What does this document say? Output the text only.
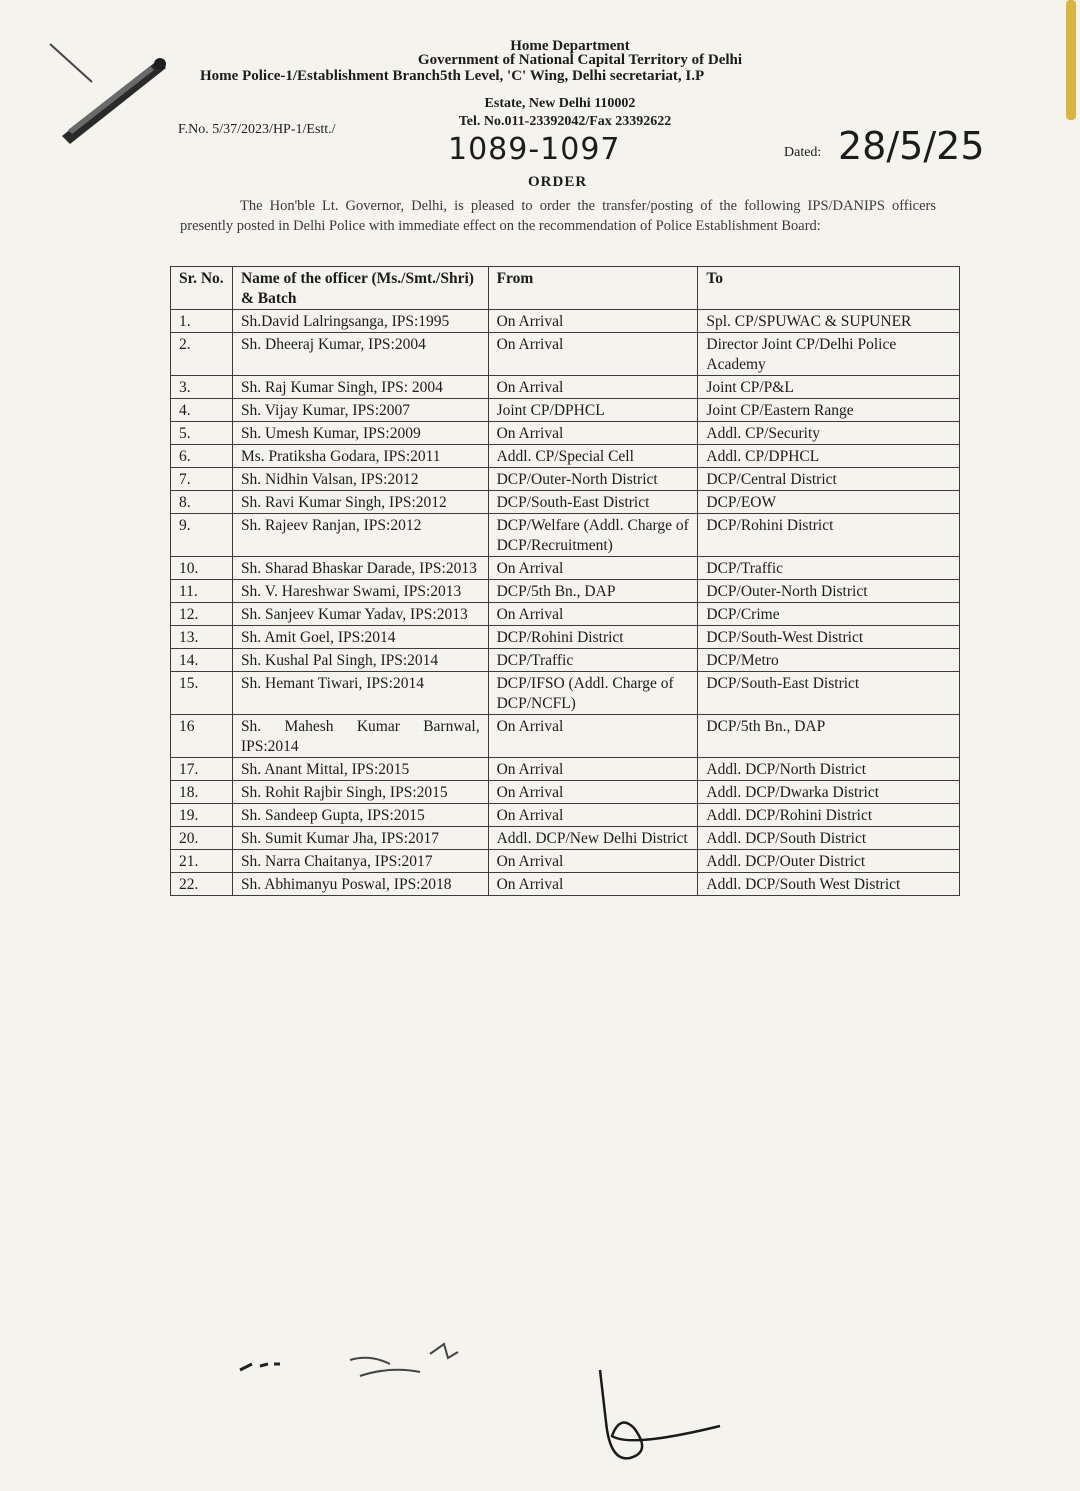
Home Department
Government of National Capital Territory of Delhi
Home Police-1/Establishment Branch5th Level, 'C' Wing, Delhi secretariat, I.P
Estate, New Delhi 110002
Tel. No.011-23392042/Fax 23392622
F.No. 5/37/2023/HP-1/Estt./
1089-1097	Dated: 28/5/25
ORDER
The Hon'ble Lt. Governor, Delhi, is pleased to order the transfer/posting of the following IPS/DANIPS officers presently posted in Delhi Police with immediate effect on the recommendation of Police Establishment Board:
Sr. No.	Name of the officer (Ms./Smt./Shri) & Batch	From	To
1.	Sh.David Lalringsanga, IPS:1995	On Arrival	Spl. CP/SPUWAC & SUPUNER
2.	Sh. Dheeraj Kumar, IPS:2004	On Arrival	Director Joint CP/Delhi Police Academy
3.	Sh. Raj Kumar Singh, IPS: 2004	On Arrival	Joint CP/P&L
4.	Sh. Vijay Kumar, IPS:2007	Joint CP/DPHCL	Joint CP/Eastern Range
5.	Sh. Umesh Kumar, IPS:2009	On Arrival	Addl. CP/Security
6.	Ms. Pratiksha Godara, IPS:2011	Addl. CP/Special Cell	Addl. CP/DPHCL
7.	Sh. Nidhin Valsan, IPS:2012	DCP/Outer-North District	DCP/Central District
8.	Sh. Ravi Kumar Singh, IPS:2012	DCP/South-East District	DCP/EOW
9.	Sh. Rajeev Ranjan, IPS:2012	DCP/Welfare (Addl. Charge of DCP/Recruitment)	DCP/Rohini District
10.	Sh. Sharad Bhaskar Darade, IPS:2013	On Arrival	DCP/Traffic
11.	Sh. V. Hareshwar Swami, IPS:2013	DCP/5th Bn., DAP	DCP/Outer-North District
12.	Sh. Sanjeev Kumar Yadav, IPS:2013	On Arrival	DCP/Crime
13.	Sh. Amit Goel, IPS:2014	DCP/Rohini District	DCP/South-West District
14.	Sh. Kushal Pal Singh, IPS:2014	DCP/Traffic	DCP/Metro
15.	Sh. Hemant Tiwari, IPS:2014	DCP/IFSO (Addl. Charge of DCP/NCFL)	DCP/South-East District
16	Sh. Mahesh Kumar Barnwal, IPS:2014	On Arrival	DCP/5th Bn., DAP
17.	Sh. Anant Mittal, IPS:2015	On Arrival	Addl. DCP/North District
18.	Sh. Rohit Rajbir Singh, IPS:2015	On Arrival	Addl. DCP/Dwarka District
19.	Sh. Sandeep Gupta, IPS:2015	On Arrival	Addl. DCP/Rohini District
20.	Sh. Sumit Kumar Jha, IPS:2017	Addl. DCP/New Delhi District	Addl. DCP/South District
21.	Sh. Narra Chaitanya, IPS:2017	On Arrival	Addl. DCP/Outer District
22.	Sh. Abhimanyu Poswal, IPS:2018	On Arrival	Addl. DCP/South West District
